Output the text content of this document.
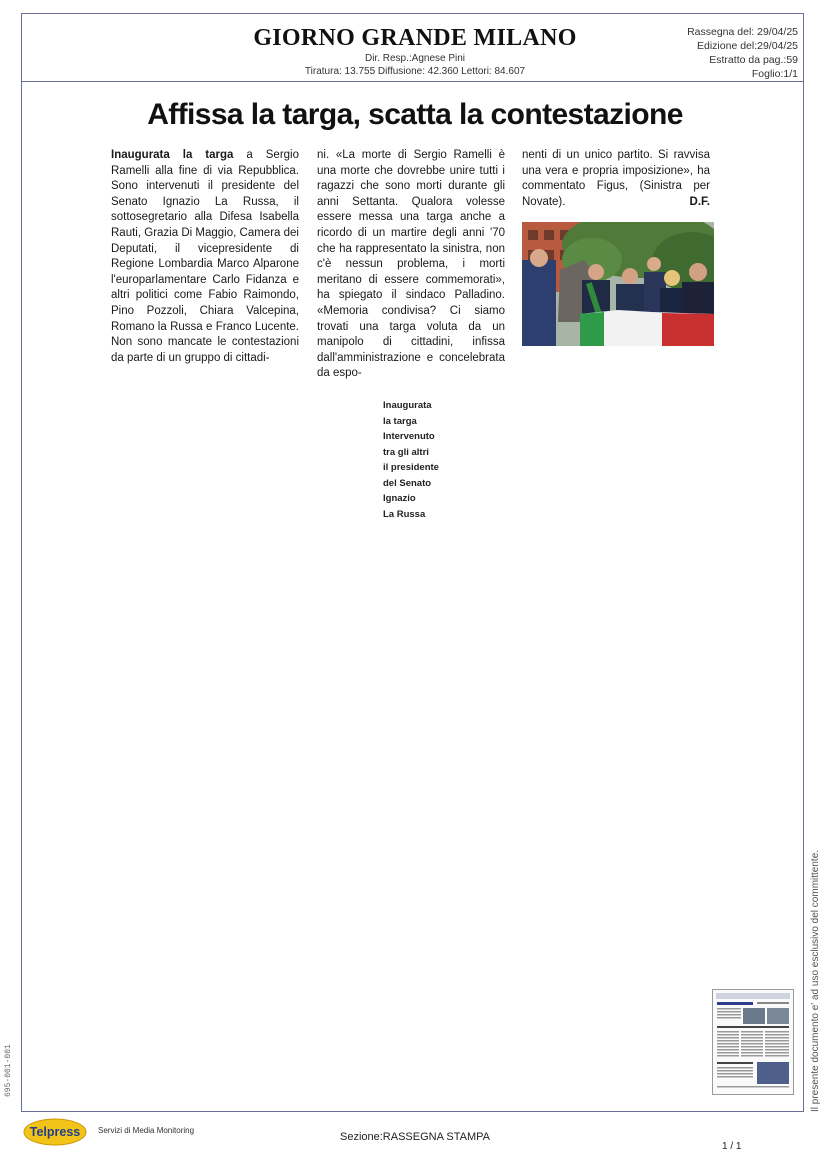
GIORNO GRANDE MILANO
Dir. Resp.:Agnese Pini
Tiratura: 13.755 Diffusione: 42.360 Lettori: 84.607
Rassegna del: 29/04/25
Edizione del:29/04/25
Estratto da pag.:59
Foglio:1/1
Affissa la targa, scatta la contestazione

Inaugurata la targa a Sergio Ramelli alla fine di via Repubblica. Sono intervenuti il presidente del Senato Ignazio La Russa, il sottosegretario alla Difesa Isabella Rauti, Grazia Di Maggio, Camera dei Deputati, il vicepresidente di Regione Lombardia Marco Alparone l'europarlamentare Carlo Fidanza e altri politici come Fabio Raimondo, Pino Pozzoli, Chiara Valcepina, Romano la Russa e Franco Lucente. Non sono mancate le contestazioni da parte di un gruppo di cittadi-

ni. «La morte di Sergio Ramelli è una morte che dovrebbe unire tutti i ragazzi che sono morti durante gli anni Settanta. Qualora volesse essere messa una targa anche a ricordo di un martire degli anni '70 che ha rappresentato la sinistra, non c'è nessun problema, i morti meritano di essere commemorati», ha spiegato il sindaco Palladino. «Memoria condivisa? Ci siamo trovati una targa voluta da un manipolo di cittadini, infissa dall'amministrazione e concelebrata da espo-

nenti di un unico partito. Si ravvisa una vera e propria imposizione», ha commentato Figus, (Sinistra per Novate).	D.F.

Inaugurata
la targa
Intervenuto
tra gli altri
il presidente
del Senato
Ignazio
La Russa
Il presente documento e' ad uso esclusivo del committente.
695-001-001
Telpress	Servizi di Media Monitoring
Sezione:RASSEGNA STAMPA
1 / 1
